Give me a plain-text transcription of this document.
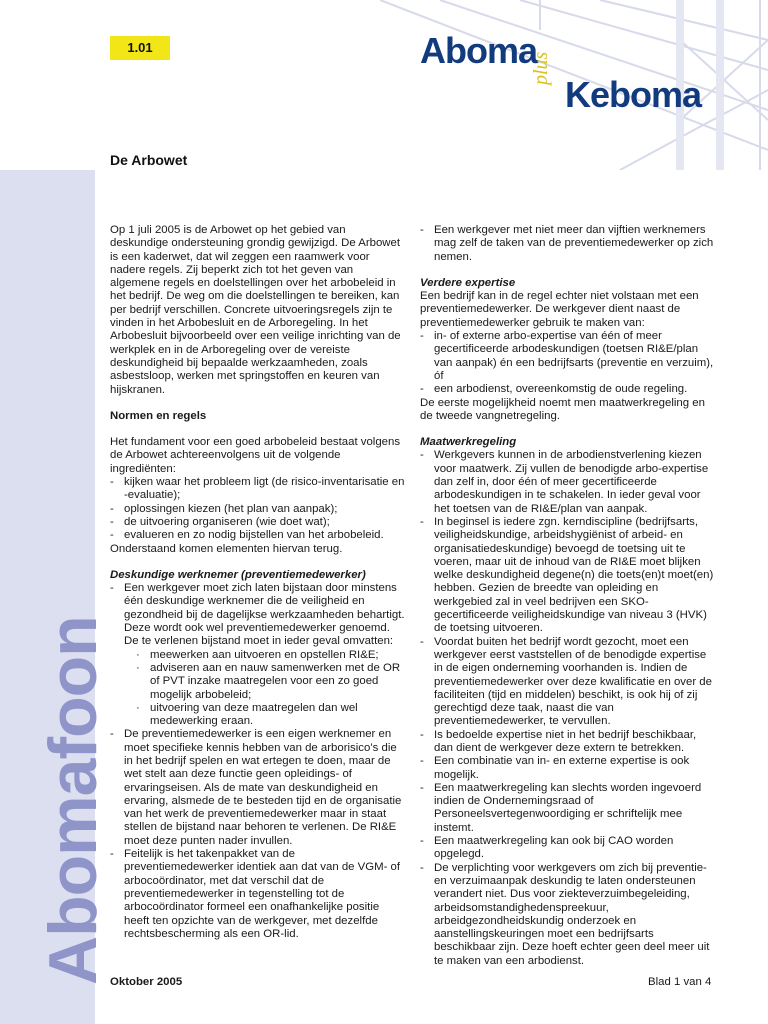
Abomafoon
1.01	Aboma
plus
Keboma
De Arbowet

Op 1 juli 2005 is de Arbowet op het gebied van deskundige ondersteuning grondig gewijzigd. De Arbowet is een kaderwet, dat wil zeggen een raamwerk voor nadere regels. Zij beperkt zich tot het geven van algemene regels en doelstellingen over het arbobeleid in het bedrijf. De weg om die doelstellingen te bereiken, kan per bedrijf verschillen. Concrete uitvoeringsregels zijn te vinden in het Arbobesluit en de Arboregeling. In het Arbobesluit bijvoorbeeld over een veilige inrichting van de werkplek en in de Arboregeling over de vereiste deskundigheid bij bepaalde werkzaamheden, zoals asbestsloop, werken met springstoffen en keuren van hijskranen.

Normen en regels

Het fundament voor een goed arbobeleid bestaat volgens de Arbowet achtereenvolgens uit de volgende ingrediënten:

- kijken waar het probleem ligt (de risico-inventarisatie en -evaluatie);
- oplossingen kiezen (het plan van aanpak);
- de uitvoering organiseren (wie doet wat);
- evalueren en zo nodig bijstellen van het arbobeleid.

Onderstaand komen elementen hiervan terug.

Deskundige werknemer (preventiemedewerker)
- Een werkgever moet zich laten bijstaan door minstens één deskundige werknemer die de veiligheid en gezondheid bij de dagelijkse werkzaamheden behartigt. Deze wordt ook wel preventiemedewerker genoemd. De te verlenen bijstand moet in ieder geval omvatten:
· meewerken aan uitvoeren en opstellen RI&E;
· adviseren aan en nauw samenwerken met de OR of PVT inzake maatregelen voor een zo goed mogelijk arbobeleid;
· uitvoering van deze maatregelen dan wel medewerking eraan.
- De preventiemedewerker is een eigen werknemer en moet specifieke kennis hebben van de arborisico’s die in het bedrijf spelen en wat ertegen te doen, maar de wet stelt aan deze functie geen opleidings- of ervaringseisen. Als de mate van deskundigheid en ervaring, alsmede de te besteden tijd en de organisatie van het werk de preventiemedewerker maar in staat stellen de bijstand naar behoren te verlenen. De RI&E moet deze punten nader invullen.
- Feitelijk is het takenpakket van de preventiemedewerker identiek aan dat van de VGM- of arbocoördinator, met dat verschil dat de preventiemedewerker in tegenstelling tot de arbocoördinator formeel een onafhankelijke positie heeft ten opzichte van de werkgever, met dezelfde rechtsbescherming als een OR-lid.
- Een werkgever met niet meer dan vijftien werknemers mag zelf de taken van de preventiemedewerker op zich nemen.
Verdere expertise

Een bedrijf kan in de regel echter niet volstaan met een preventiemedewerker. De werkgever dient naast de preventiemedewerker gebruik te maken van:

- in- of externe arbo-expertise van één of meer gecertificeerde arbodeskundigen (toetsen RI&E/plan van aanpak) én een bedrijfsarts (preventie en verzuim), óf
- een arbodienst, overeenkomstig de oude regeling.

De eerste mogelijkheid noemt men maatwerkregeling en de tweede vangnetregeling.

Maatwerkregeling
- Werkgevers kunnen in de arbodienstverlening kiezen voor maatwerk. Zij vullen de benodigde arbo-expertise dan zelf in, door één of meer gecertificeerde arbodeskundigen in te schakelen. In ieder geval voor het toetsen van de RI&E/plan van aanpak.
- In beginsel is iedere zgn. kerndiscipline (bedrijfsarts, veiligheidskundige, arbeidshygiënist of arbeid- en organisatiedeskundige) bevoegd de toetsing uit te voeren, maar uit de inhoud van de RI&E moet blijken welke deskundigheid degene(n) die toets(en)t moet(en) hebben. Gezien de breedte van opleiding en werkgebied zal in veel bedrijven een SKO-gecertificeerde veiligheidskundige van niveau 3 (HVK) de toetsing uitvoeren.
- Voordat buiten het bedrijf wordt gezocht, moet een werkgever eerst vaststellen of de benodigde expertise in de eigen onderneming voorhanden is. Indien de preventiemedewerker over deze kwalificatie en over de faciliteiten (tijd en middelen) beschikt, is ook hij of zij gerechtigd deze taak, naast die van preventiemedewerker, te vervullen.
- Is bedoelde expertise niet in het bedrijf beschikbaar, dan dient de werkgever deze extern te betrekken.
- Een combinatie van in- en externe expertise is ook mogelijk.
- Een maatwerkregeling kan slechts worden ingevoerd indien de Ondernemingsraad of Personeelsvertegenwoordiging er schriftelijk mee instemt.
- Een maatwerkregeling kan ook bij CAO worden opgelegd.
- De verplichting voor werkgevers om zich bij preventie- en verzuimaanpak deskundig te laten ondersteunen verandert niet. Dus voor ziekteverzuimbegeleiding, arbeidsomstandighedenspreekuur, arbeidgezondheidskundig onderzoek en aanstellingskeuringen moet een bedrijfsarts beschikbaar zijn. Deze hoeft echter geen deel meer uit te maken van een arbodienst.
Oktober 2005	Blad 1 van 4
